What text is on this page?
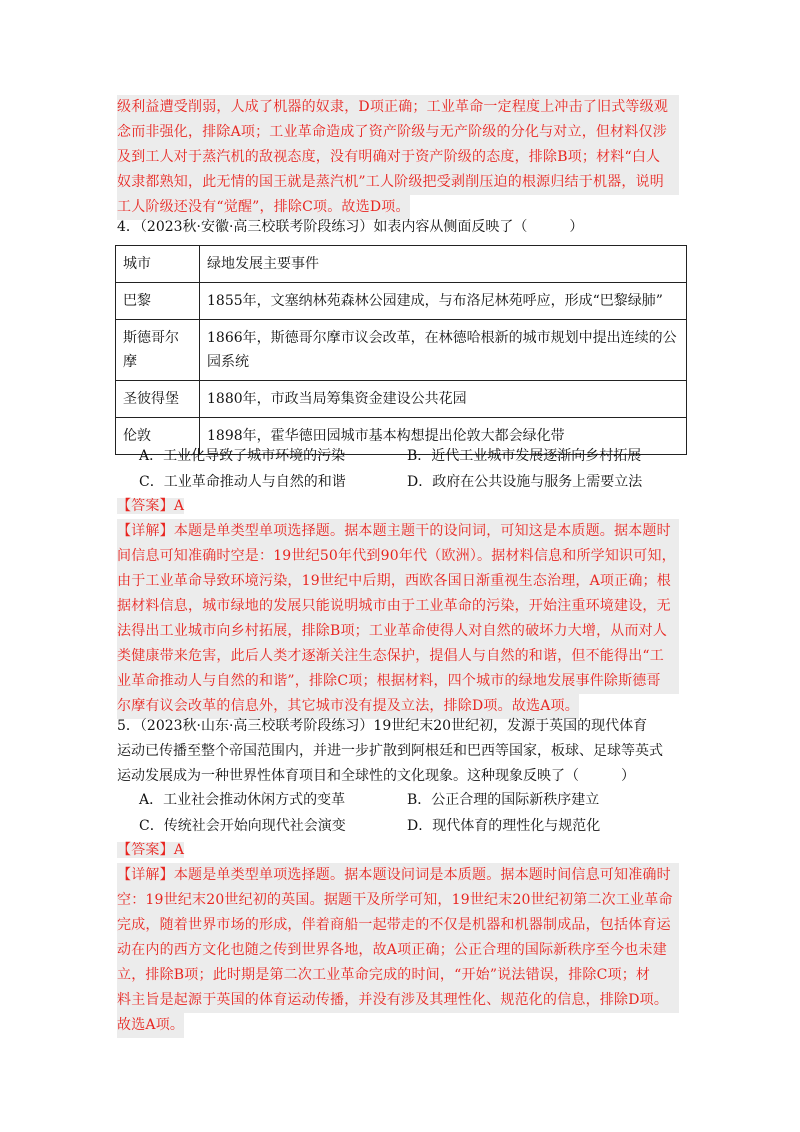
级利益遭受削弱，人成了机器的奴隶，D项正确；工业革命一定程度上冲击了旧式等级观

念而非强化，排除A项；工业革命造成了资产阶级与无产阶级的分化与对立，但材料仅涉

及到工人对于蒸汽机的敌视态度，没有明确对于资产阶级的态度，排除B项；材料“白人

奴隶都熟知，此无情的国王就是蒸汽机”工人阶级把受剥削压迫的根源归结于机器，说明

工人阶级还没有“觉醒”，排除C项。故选D项。

4．（2023秋·安徽·高三校联考阶段练习）如表内容从侧面反映了（　　　）
城市	绿地发展主要事件
巴黎	1855年，文塞纳林苑森林公园建成，与布洛尼林苑呼应，形成“巴黎绿肺”
斯德哥尔摩	1866年，斯德哥尔摩市议会改革，在林德哈根新的城市规划中提出连续的公园系统
圣彼得堡	1880年，市政当局筹集资金建设公共花园
伦敦	1898年，霍华德田园城市基本构想提出伦敦大都会绿化带
A．工业化导致了城市环境的污染	B．近代工业城市发展逐渐向乡村拓展
C．工业革命推动人与自然的和谐	D．政府在公共设施与服务上需要立法

【答案】A

【详解】本题是单类型单项选择题。据本题主题干的设问词，可知这是本质题。据本题时

间信息可知准确时空是：19世纪50年代到90年代（欧洲）。据材料信息和所学知识可知，

由于工业革命导致环境污染，19世纪中后期，西欧各国日渐重视生态治理，A项正确；根

据材料信息，城市绿地的发展只能说明城市由于工业革命的污染，开始注重环境建设，无

法得出工业城市向乡村拓展，排除B项；工业革命使得人对自然的破坏力大增，从而对人

类健康带来危害，此后人类才逐渐关注生态保护，提倡人与自然的和谐，但不能得出“工

业革命推动人与自然的和谐”，排除C项；根据材料，四个城市的绿地发展事件除斯德哥

尔摩有议会改革的信息外，其它城市没有提及立法，排除D项。故选A项。

5．（2023秋·山东·高三校联考阶段练习）19世纪末20世纪初，发源于英国的现代体育
运动已传播至整个帝国范围内，并进一步扩散到阿根廷和巴西等国家，板球、足球等英式
运动发展成为一种世界性体育项目和全球性的文化现象。这种现象反映了（　　　）
A．工业社会推动休闲方式的变革	B．公正合理的国际新秩序建立
C．传统社会开始向现代社会演变	D．现代体育的理性化与规范化

【答案】A

【详解】本题是单类型单项选择题。据本题设问词是本质题。据本题时间信息可知准确时

空：19世纪末20世纪初的英国。据题干及所学可知，19世纪末20世纪初第二次工业革命

完成，随着世界市场的形成，伴着商船一起带走的不仅是机器和机器制成品，包括体育运

动在内的西方文化也随之传到世界各地，故A项正确；公正合理的国际新秩序至今也未建

立，排除B项；此时期是第二次工业革命完成的时间，“开始”说法错误，排除C项；材

料主旨是起源于英国的体育运动传播，并没有涉及其理性化、规范化的信息，排除D项。

故选A项。
